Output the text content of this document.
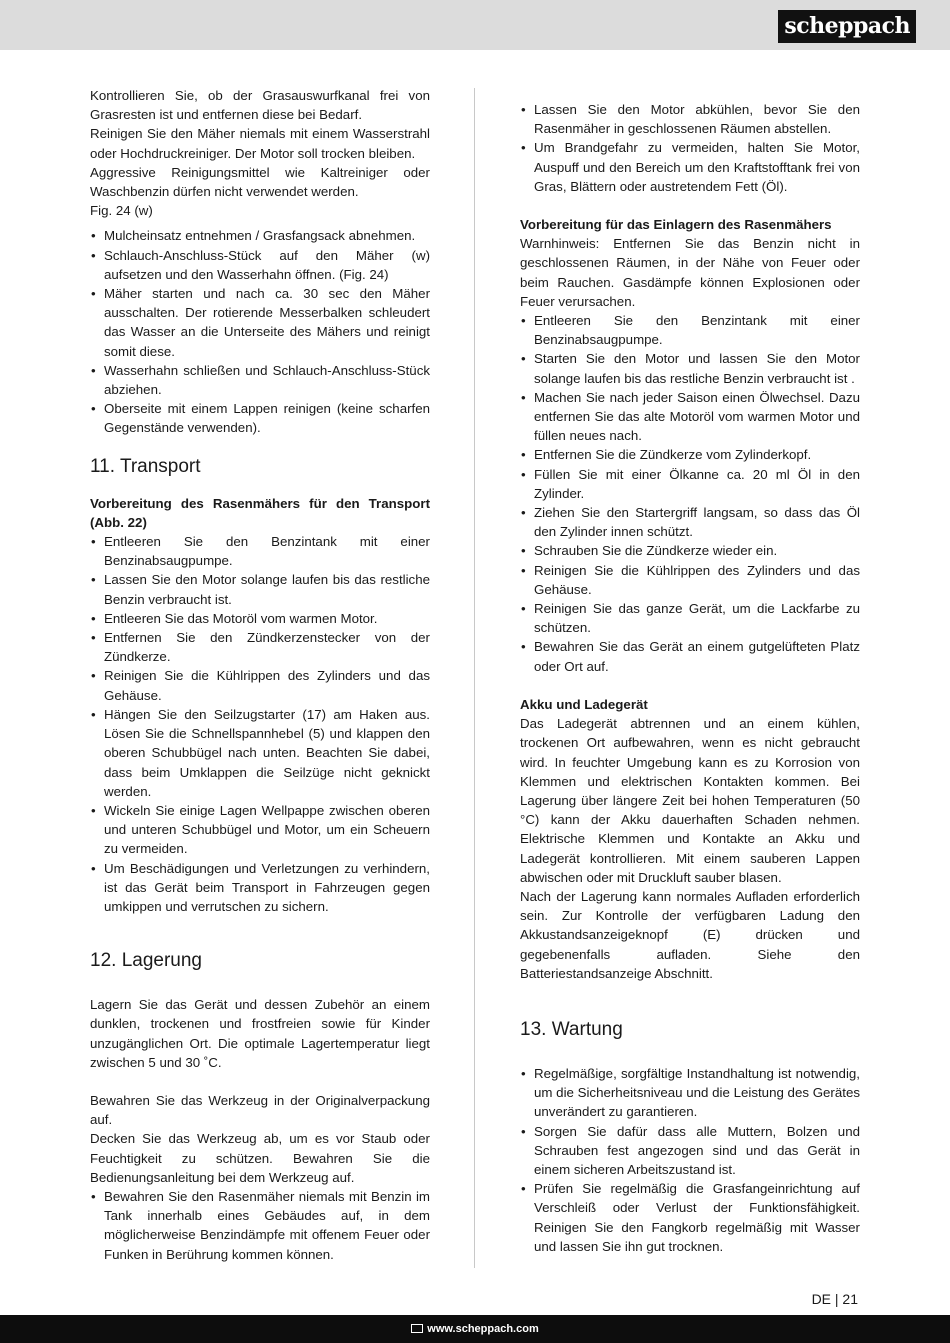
scheppach

Kontrollieren Sie, ob der Grasauswurfkanal frei von Grasresten ist und entfernen diese bei Bedarf.

Reinigen Sie den Mäher niemals mit einem Wasserstrahl oder Hochdruckreiniger. Der Motor soll trocken bleiben.

Aggressive Reinigungsmittel wie Kaltreiniger oder Waschbenzin dürfen nicht verwendet werden.

Fig. 24 (w)

• Mulcheinsatz entnehmen / Grasfangsack abnehmen.
• Schlauch-Anschluss-Stück auf den Mäher (w) aufsetzen und den Wasserhahn öffnen. (Fig. 24)
• Mäher starten und nach ca. 30 sec den Mäher ausschalten. Der rotierende Messerbalken schleudert das Wasser an die Unterseite des Mähers und reinigt somit diese.
• Wasserhahn schließen und Schlauch-Anschluss-Stück abziehen.
• Oberseite mit einem Lappen reinigen (keine scharfen Gegenstände verwenden).
11. Transport

Vorbereitung des Rasenmähers für den Transport (Abb. 22)

• Entleeren Sie den Benzintank mit einer Benzinabsaugpumpe.
• Lassen Sie den Motor solange laufen bis das restliche Benzin verbraucht ist.
• Entleeren Sie das Motoröl vom warmen Motor.
• Entfernen Sie den Zündkerzenstecker von der Zündkerze.
• Reinigen Sie die Kühlrippen des Zylinders und das Gehäuse.
• Hängen Sie den Seilzugstarter (17) am Haken aus. Lösen Sie die Schnellspannhebel (5) und klappen den oberen Schubbügel nach unten. Beachten Sie dabei, dass beim Umklappen die Seilzüge nicht geknickt werden.
• Wickeln Sie einige Lagen Wellpappe zwischen oberen und unteren Schubbügel und Motor, um ein Scheuern zu vermeiden.
• Um Beschädigungen und Verletzungen zu verhindern, ist das Gerät beim Transport in Fahrzeugen gegen umkippen und verrutschen zu sichern.
12. Lagerung

Lagern Sie das Gerät und dessen Zubehör an einem dunklen, trockenen und frostfreien sowie für Kinder unzugänglichen Ort. Die optimale Lagertemperatur liegt zwischen 5 und 30 ˚C.

Bewahren Sie das Werkzeug in der Originalverpackung auf.

Decken Sie das Werkzeug ab, um es vor Staub oder Feuchtigkeit zu schützen. Bewahren Sie die Bedienungsanleitung bei dem Werkzeug auf.

• Bewahren Sie den Rasenmäher niemals mit Benzin im Tank innerhalb eines Gebäudes auf, in dem möglicherweise Benzindämpfe mit offenem Feuer oder Funken in Berührung kommen können.
• Lassen Sie den Motor abkühlen, bevor Sie den Rasenmäher in geschlossenen Räumen abstellen.
• Um Brandgefahr zu vermeiden, halten Sie Motor, Auspuff und den Bereich um den Kraftstofftank frei von Gras, Blättern oder austretendem Fett (Öl).

Vorbereitung für das Einlagern des Rasenmähers

Warnhinweis: Entfernen Sie das Benzin nicht in geschlossenen Räumen, in der Nähe von Feuer oder beim Rauchen. Gasdämpfe können Explosionen oder Feuer verursachen.

• Entleeren Sie den Benzintank mit einer Benzinabsaugpumpe.
• Starten Sie den Motor und lassen Sie den Motor solange laufen bis das restliche Benzin verbraucht ist .
• Machen Sie nach jeder Saison einen Ölwechsel. Dazu entfernen Sie das alte Motoröl vom warmen Motor und füllen neues nach.
• Entfernen Sie die Zündkerze vom Zylinderkopf.
• Füllen Sie mit einer Ölkanne ca. 20 ml Öl in den Zylinder.
• Ziehen Sie den Startergriff langsam, so dass das Öl den Zylinder innen schützt.
• Schrauben Sie die Zündkerze wieder ein.
• Reinigen Sie die Kühlrippen des Zylinders und das Gehäuse.
• Reinigen Sie das ganze Gerät, um die Lackfarbe zu schützen.
• Bewahren Sie das Gerät an einem gutgelüfteten Platz oder Ort auf.

Akku und Ladegerät

Das Ladegerät abtrennen und an einem kühlen, trockenen Ort aufbewahren, wenn es nicht gebraucht wird. In feuchter Umgebung kann es zu Korrosion von Klemmen und elektrischen Kontakten kommen. Bei Lagerung über längere Zeit bei hohen Temperaturen (50 °C) kann der Akku dauerhaften Schaden nehmen. Elektrische Klemmen und Kontakte an Akku und Ladegerät kontrollieren. Mit einem sauberen Lappen abwischen oder mit Druckluft sauber blasen.

Nach der Lagerung kann normales Aufladen erforderlich sein. Zur Kontrolle der verfügbaren Ladung den Akkustandsanzeigeknopf (E) drücken und gegebenenfalls aufladen. Siehe den Batteriestandsanzeige Abschnitt.

13. Wartung
• Regelmäßige, sorgfältige Instandhaltung ist notwendig, um die Sicherheitsniveau und die Leistung des Gerätes unverändert zu garantieren.
• Sorgen Sie dafür dass alle Muttern, Bolzen und Schrauben fest angezogen sind und das Gerät in einem sicheren Arbeitszustand ist.
• Prüfen Sie regelmäßig die Grasfangeinrichtung auf Verschleiß oder Verlust der Funktionsfähigkeit. Reinigen Sie den Fangkorb regelmäßig mit Wasser und lassen Sie ihn gut trocknen.
DE | 21
www.scheppach.com
